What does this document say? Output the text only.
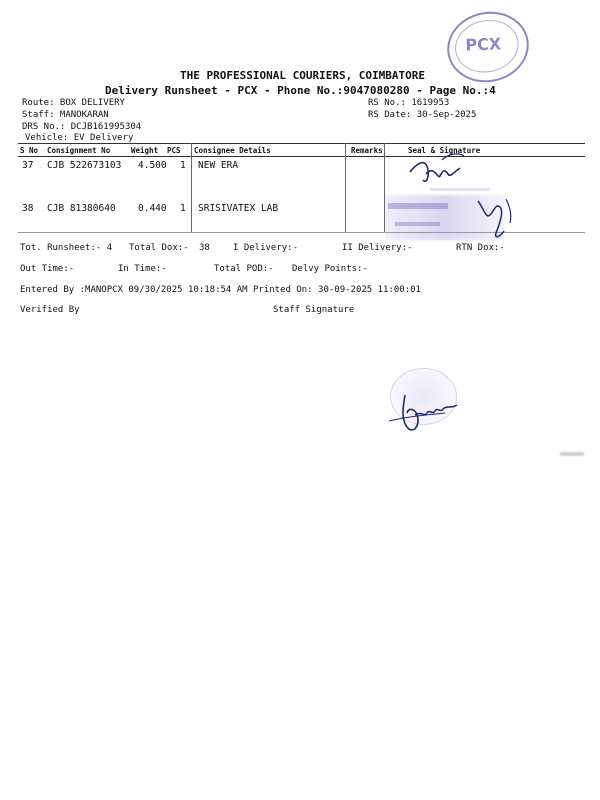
PCX
THE PROFESSIONAL COURIERS, COIMBATORE
Delivery Runsheet - PCX - Phone No.:9047080280 - Page No.:4
Route: BOX DELIVERY
Staff: MANOKARAN
DRS No.: DCJB161995304
Vehicle: EV Delivery
RS No.: 1619953
RS Date: 30-Sep-2025
S No Consignment No	Weight PCS Consignee Details	Remarks	Seal & Signature
37 CJB 522673103 4.500 1 NEW ERA
38 CJB 81380640 0.440 1 SRISIVATEX LAB
Tot. Runsheet:- 4 Total Dox:- 38	I Delivery:-	II Delivery:-	RTN Dox:-
Out Time:-	In Time:-	Total POD:- Delvy Points:-
Entered By :MANOPCX 09/30/2025 10:18:54 AM Printed On: 30-09-2025 11:00:01
Verified By	Staff Signature
